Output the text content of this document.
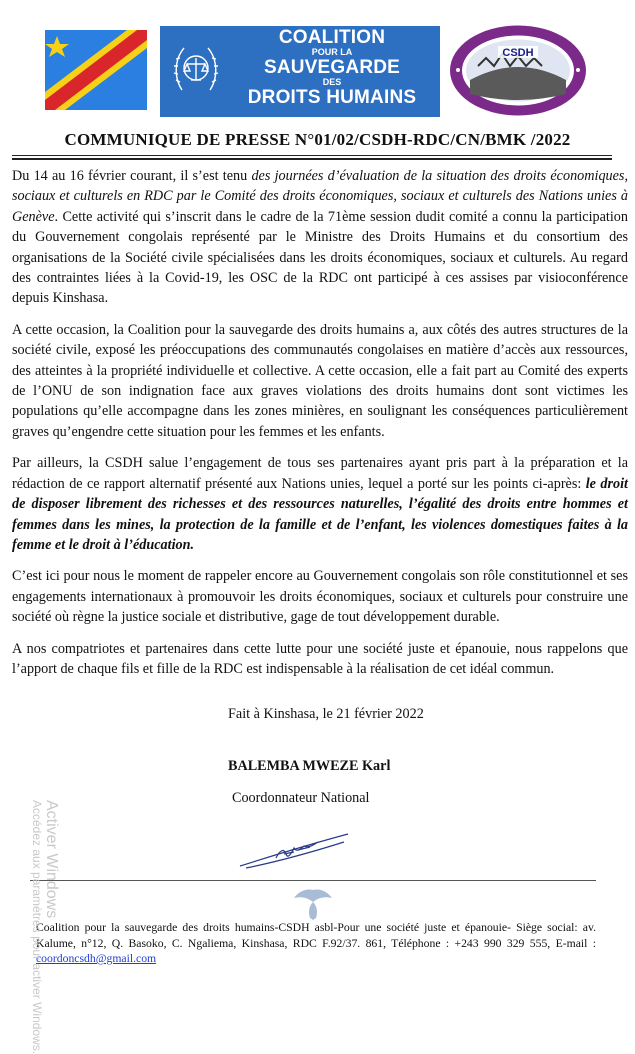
COALITION
POUR LA
SAUVEGARDE
DES
DROITS HUMAINS
CSDH
COMMUNIQUE DE PRESSE N°01/02/CSDH-RDC/CN/BMK /2022

Du 14 au 16 février courant, il s’est tenu des journées d’évaluation de la situation des droits économiques, sociaux et culturels en RDC par le Comité des droits économiques, sociaux et culturels des Nations unies à Genève. Cette activité qui s’inscrit dans le cadre de la 71ème session dudit comité a connu la participation du Gouvernement congolais représenté par le Ministre des Droits Humains et du consortium des organisations de la Société civile spécialisées dans les droits économiques, sociaux et culturels. Au regard des contraintes liées à la Covid-19, les OSC de la RDC ont participé à ces assises par visioconférence depuis Kinshasa.

A cette occasion, la Coalition pour la sauvegarde des droits humains a, aux côtés des autres structures de la société civile, exposé les préoccupations des communautés congolaises en matière d’accès aux ressources, des atteintes à la propriété individuelle et collective. A cette occasion, elle a fait part au Comité des experts de l’ONU de son indignation face aux graves violations des droits humains dont sont victimes les populations qu’elle accompagne dans les zones minières, en soulignant les conséquences particulièrement graves qu’engendre cette situation pour les femmes et les enfants.

Par ailleurs, la CSDH salue l’engagement de tous ses partenaires ayant pris part à la préparation et la rédaction de ce rapport alternatif présenté aux Nations unies, lequel a porté sur les points ci-après: le droit de disposer librement des richesses et des ressources naturelles, l’égalité des droits entre hommes et femmes dans les mines, la protection de la famille et de l’enfant, les violences domestiques faites à la femme et le droit à l’éducation.

C’est ici pour nous le moment de rappeler encore au Gouvernement congolais son rôle constitutionnel et ses engagements internationaux à promouvoir les droits économiques, sociaux et culturels pour construire une société où règne la justice sociale et distributive, gage de tout développement durable.

A nos compatriotes et partenaires dans cette lutte pour une société juste et épanouie, nous rappelons que l’apport de chaque fils et fille de la RDC est indispensable à la réalisation de cet idéal commun.

Fait à Kinshasa, le 21 février 2022
BALEMBA MWEZE Karl
Coordonnateur National
Coalition pour la sauvegarde des droits humains-CSDH asbl-Pour une société juste et épanouie- Siège social: av. Kalume, n°12, Q. Basoko, C. Ngaliema, Kinshasa, RDC F.92/37. 861, Téléphone : +243 990 329 555, E-mail : coordoncsdh@gmail.com
Activer Windows
Accédez aux paramètres pour activer Windows.
